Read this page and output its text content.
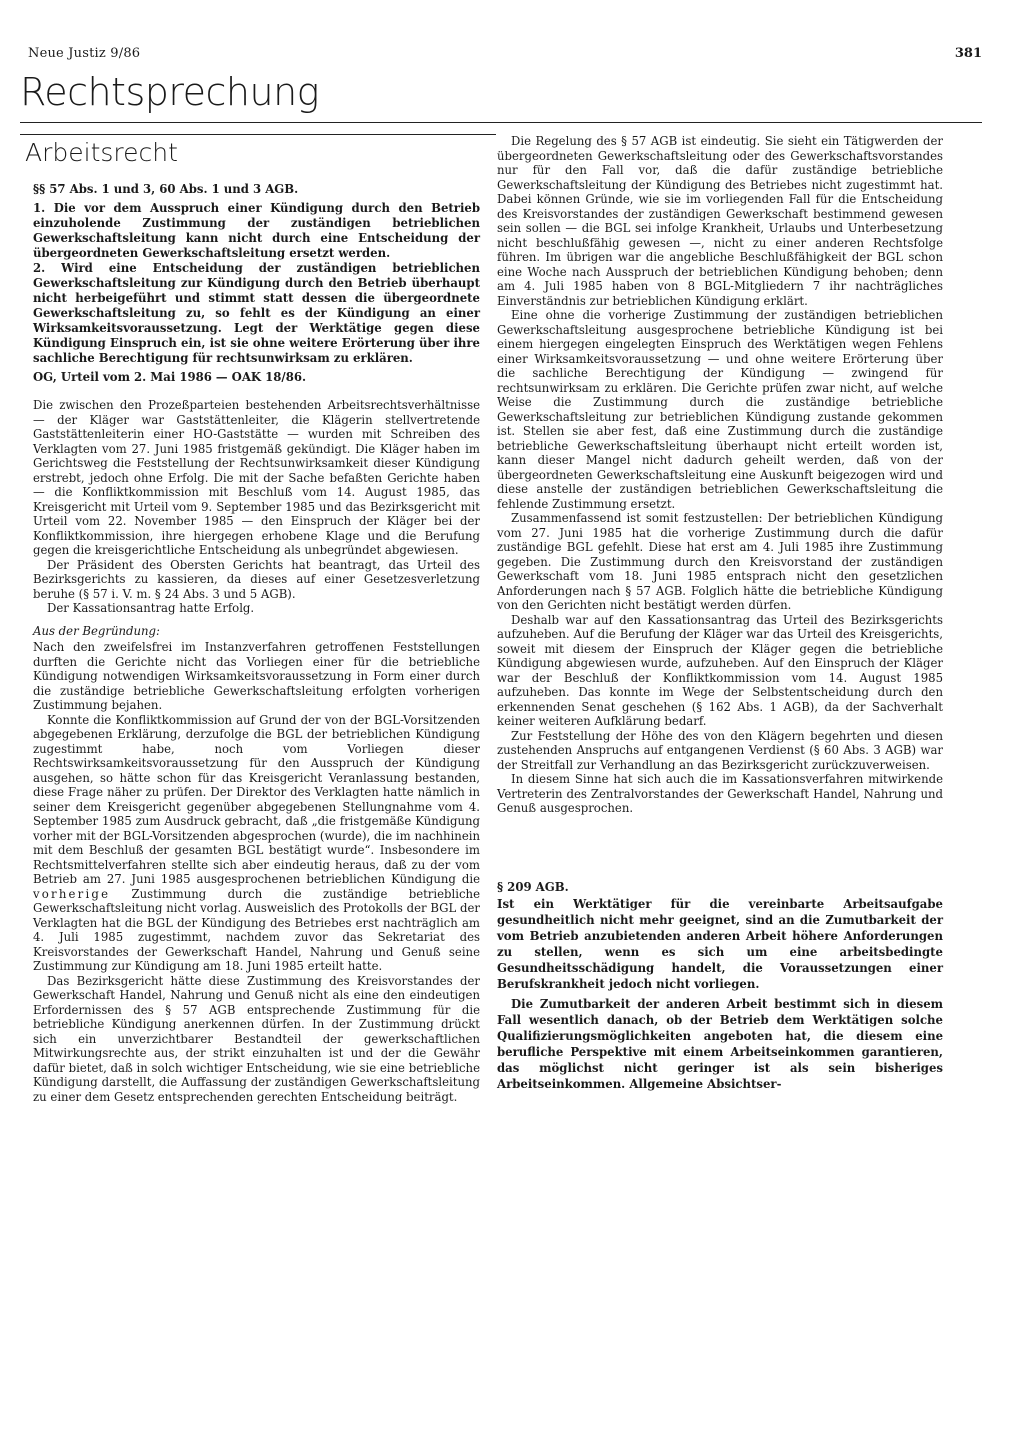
Neue Justiz 9/86	381
Rechtsprechung
Arbeitsrecht

§§ 57 Abs. 1 und 3, 60 Abs. 1 und 3 AGB.

1. Die vor dem Ausspruch einer Kündigung durch den Betrieb einzuholende Zustimmung der zuständigen betrieblichen Gewerkschaftsleitung kann nicht durch eine Entscheidung der übergeordneten Gewerkschaftsleitung ersetzt werden.

2. Wird eine Entscheidung der zuständigen betrieblichen Gewerkschaftsleitung zur Kündigung durch den Betrieb überhaupt nicht herbeigeführt und stimmt statt dessen die übergeordnete Gewerkschaftsleitung zu, so fehlt es der Kündigung an einer Wirksamkeitsvoraussetzung. Legt der Werktätige gegen diese Kündigung Einspruch ein, ist sie ohne weitere Erörterung über ihre sachliche Berechtigung für rechtsunwirksam zu erklären.

OG, Urteil vom 2. Mai 1986 — OAK 18/86.

Die zwischen den Prozeßparteien bestehenden Arbeitsrechtsverhältnisse — der Kläger war Gaststättenleiter, die Klägerin stellvertretende Gaststättenleiterin einer HO-Gaststätte — wurden mit Schreiben des Verklagten vom 27. Juni 1985 fristgemäß gekündigt. Die Kläger haben im Gerichtsweg die Feststellung der Rechtsunwirksamkeit dieser Kündigung erstrebt, jedoch ohne Erfolg. Die mit der Sache befaßten Gerichte haben — die Konfliktkommission mit Beschluß vom 14. August 1985, das Kreisgericht mit Urteil vom 9. September 1985 und das Bezirksgericht mit Urteil vom 22. November 1985 — den Einspruch der Kläger bei der Konfliktkommission, ihre hiergegen erhobene Klage und die Berufung gegen die kreisgerichtliche Entscheidung als unbegründet abgewiesen.

Der Präsident des Obersten Gerichts hat beantragt, das Urteil des Bezirksgerichts zu kassieren, da dieses auf einer Gesetzesverletzung beruhe (§ 57 i. V. m. § 24 Abs. 3 und 5 AGB).

Der Kassationsantrag hatte Erfolg.

Aus der Begründung:

Nach den zweifelsfrei im Instanzverfahren getroffenen Feststellungen durften die Gerichte nicht das Vorliegen einer für die betriebliche Kündigung notwendigen Wirksamkeitsvoraussetzung in Form einer durch die zuständige betriebliche Gewerkschaftsleitung erfolgten vorherigen Zustimmung bejahen.

Konnte die Konfliktkommission auf Grund der von der BGL-Vorsitzenden abgegebenen Erklärung, derzufolge die BGL der betrieblichen Kündigung zugestimmt habe, noch vom Vorliegen dieser Rechtswirksamkeitsvoraussetzung für den Ausspruch der Kündigung ausgehen, so hätte schon für das Kreisgericht Veranlassung bestanden, diese Frage näher zu prüfen. Der Direktor des Verklagten hatte nämlich in seiner dem Kreisgericht gegenüber abgegebenen Stellungnahme vom 4. September 1985 zum Ausdruck gebracht, daß „die fristgemäße Kündigung vorher mit der BGL-Vorsitzenden abgesprochen (wurde), die im nachhinein mit dem Beschluß der gesamten BGL bestätigt wurde“. Insbesondere im Rechtsmittelverfahren stellte sich aber eindeutig heraus, daß zu der vom Betrieb am 27. Juni 1985 ausgesprochenen betrieblichen Kündigung die vorherige Zustimmung durch die zuständige betriebliche Gewerkschaftsleitung nicht vorlag. Ausweislich des Protokolls der BGL der Verklagten hat die BGL der Kündigung des Betriebes erst nachträglich am 4. Juli 1985 zugestimmt, nachdem zuvor das Sekretariat des Kreisvorstandes der Gewerkschaft Handel, Nahrung und Genuß seine Zustimmung zur Kündigung am 18. Juni 1985 erteilt hatte.

Das Bezirksgericht hätte diese Zustimmung des Kreisvorstandes der Gewerkschaft Handel, Nahrung und Genuß nicht als eine den eindeutigen Erfordernissen des § 57 AGB entsprechende Zustimmung für die betriebliche Kündigung anerkennen dürfen. In der Zustimmung drückt sich ein unverzichtbarer Bestandteil der gewerkschaftlichen Mitwirkungsrechte aus, der strikt einzuhalten ist und der die Gewähr dafür bietet, daß in solch wichtiger Entscheidung, wie sie eine betriebliche Kündigung darstellt, die Auffassung der zuständigen Gewerkschaftsleitung zu einer dem Gesetz entsprechenden gerechten Entscheidung beiträgt.

Die Regelung des § 57 AGB ist eindeutig. Sie sieht ein Tätigwerden der übergeordneten Gewerkschaftsleitung oder des Gewerkschaftsvorstandes nur für den Fall vor, daß die dafür zuständige betriebliche Gewerkschaftsleitung der Kündigung des Betriebes nicht zugestimmt hat. Dabei können Gründe, wie sie im vorliegenden Fall für die Entscheidung des Kreisvorstandes der zuständigen Gewerkschaft bestimmend gewesen sein sollen — die BGL sei infolge Krankheit, Urlaubs und Unterbesetzung nicht beschlußfähig gewesen —, nicht zu einer anderen Rechtsfolge führen. Im übrigen war die angebliche Beschlußfähigkeit der BGL schon eine Woche nach Ausspruch der betrieblichen Kündigung behoben; denn am 4. Juli 1985 haben von 8 BGL-Mitgliedern 7 ihr nachträgliches Einverständnis zur betrieblichen Kündigung erklärt.

Eine ohne die vorherige Zustimmung der zuständigen betrieblichen Gewerkschaftsleitung ausgesprochene betriebliche Kündigung ist bei einem hiergegen eingelegten Einspruch des Werktätigen wegen Fehlens einer Wirksamkeitsvoraussetzung — und ohne weitere Erörterung über die sachliche Berechtigung der Kündigung — zwingend für rechtsunwirksam zu erklären. Die Gerichte prüfen zwar nicht, auf welche Weise die Zustimmung durch die zuständige betriebliche Gewerkschaftsleitung zur betrieblichen Kündigung zustande gekommen ist. Stellen sie aber fest, daß eine Zustimmung durch die zuständige betriebliche Gewerkschaftsleitung überhaupt nicht erteilt worden ist, kann dieser Mangel nicht dadurch geheilt werden, daß von der übergeordneten Gewerkschaftsleitung eine Auskunft beigezogen wird und diese anstelle der zuständigen betrieblichen Gewerkschaftsleitung die fehlende Zustimmung ersetzt.

Zusammenfassend ist somit festzustellen: Der betrieblichen Kündigung vom 27. Juni 1985 hat die vorherige Zustimmung durch die dafür zuständige BGL gefehlt. Diese hat erst am 4. Juli 1985 ihre Zustimmung gegeben. Die Zustimmung durch den Kreisvorstand der zuständigen Gewerkschaft vom 18. Juni 1985 entsprach nicht den gesetzlichen Anforderungen nach § 57 AGB. Folglich hätte die betriebliche Kündigung von den Gerichten nicht bestätigt werden dürfen.

Deshalb war auf den Kassationsantrag das Urteil des Bezirksgerichts aufzuheben. Auf die Berufung der Kläger war das Urteil des Kreisgerichts, soweit mit diesem der Einspruch der Kläger gegen die betriebliche Kündigung abgewiesen wurde, aufzuheben. Auf den Einspruch der Kläger war der Beschluß der Konfliktkommission vom 14. August 1985 aufzuheben. Das konnte im Wege der Selbstentscheidung durch den erkennenden Senat geschehen (§ 162 Abs. 1 AGB), da der Sachverhalt keiner weiteren Aufklärung bedarf.

Zur Feststellung der Höhe des von den Klägern begehrten und diesen zustehenden Anspruchs auf entgangenen Verdienst (§ 60 Abs. 3 AGB) war der Streitfall zur Verhandlung an das Bezirksgericht zurückzuverweisen.

In diesem Sinne hat sich auch die im Kassationsverfahren mitwirkende Vertreterin des Zentralvorstandes der Gewerkschaft Handel, Nahrung und Genuß ausgesprochen.

§ 209 AGB.

Ist ein Werktätiger für die vereinbarte Arbeitsaufgabe gesundheitlich nicht mehr geeignet, sind an die Zumutbarkeit der vom Betrieb anzubietenden anderen Arbeit höhere Anforderungen zu stellen, wenn es sich um eine arbeitsbedingte Gesundheitsschädigung handelt, die Voraussetzungen einer Berufskrankheit jedoch nicht vorliegen.

Die Zumutbarkeit der anderen Arbeit bestimmt sich in diesem Fall wesentlich danach, ob der Betrieb dem Werktätigen solche Qualifizierungsmöglichkeiten angeboten hat, die diesem eine berufliche Perspektive mit einem Arbeitseinkommen garantieren, das möglichst nicht geringer ist als sein bisheriges Arbeitseinkommen. Allgemeine Absichtser-
